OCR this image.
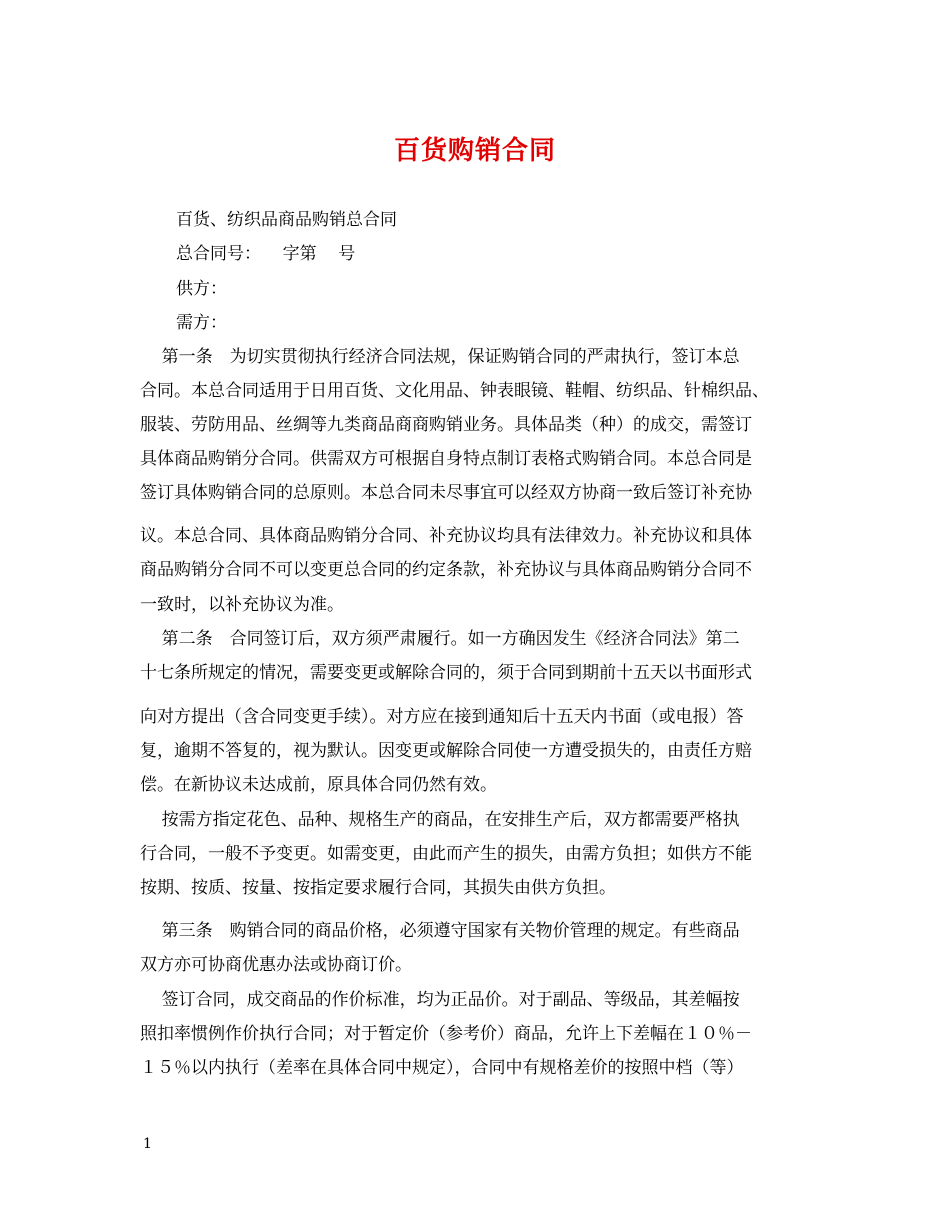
百货购销合同
百货、纺织品商品购销总合同
总合同号：    字第    号
供方：
需方：
第一条　为切实贯彻执行经济合同法规，保证购销合同的严肃执行，签订本总
合同。本总合同适用于日用百货、文化用品、钟表眼镜、鞋帽、纺织品、针棉织品、
服装、劳防用品、丝绸等九类商品商商购销业务。具体品类（种）的成交，需签订
具体商品购销分合同。供需双方可根据自身特点制订表格式购销合同。本总合同是
签订具体购销合同的总原则。本总合同未尽事宜可以经双方协商一致后签订补充协
议。本总合同、具体商品购销分合同、补充协议均具有法律效力。补充协议和具体
商品购销分合同不可以变更总合同的约定条款，补充协议与具体商品购销分合同不
一致时，以补充协议为准。
第二条　合同签订后，双方须严肃履行。如一方确因发生《经济合同法》第二
十七条所规定的情况，需要变更或解除合同的，须于合同到期前十五天以书面形式
向对方提出（含合同变更手续）。对方应在接到通知后十五天内书面（或电报）答
复，逾期不答复的，视为默认。因变更或解除合同使一方遭受损失的，由责任方赔
偿。在新协议未达成前，原具体合同仍然有效。
按需方指定花色、品种、规格生产的商品，在安排生产后，双方都需要严格执
行合同，一般不予变更。如需变更，由此而产生的损失，由需方负担；如供方不能
按期、按质、按量、按指定要求履行合同，其损失由供方负担。
第三条　购销合同的商品价格，必须遵守国家有关物价管理的规定。有些商品
双方亦可协商优惠办法或协商订价。
签订合同，成交商品的作价标准，均为正品价。对于副品、等级品，其差幅按
照扣率惯例作价执行合同；对于暂定价（参考价）商品，允许上下差幅在１０％－
１５％以内执行（差率在具体合同中规定），合同中有规格差价的按照中档（等）
1
